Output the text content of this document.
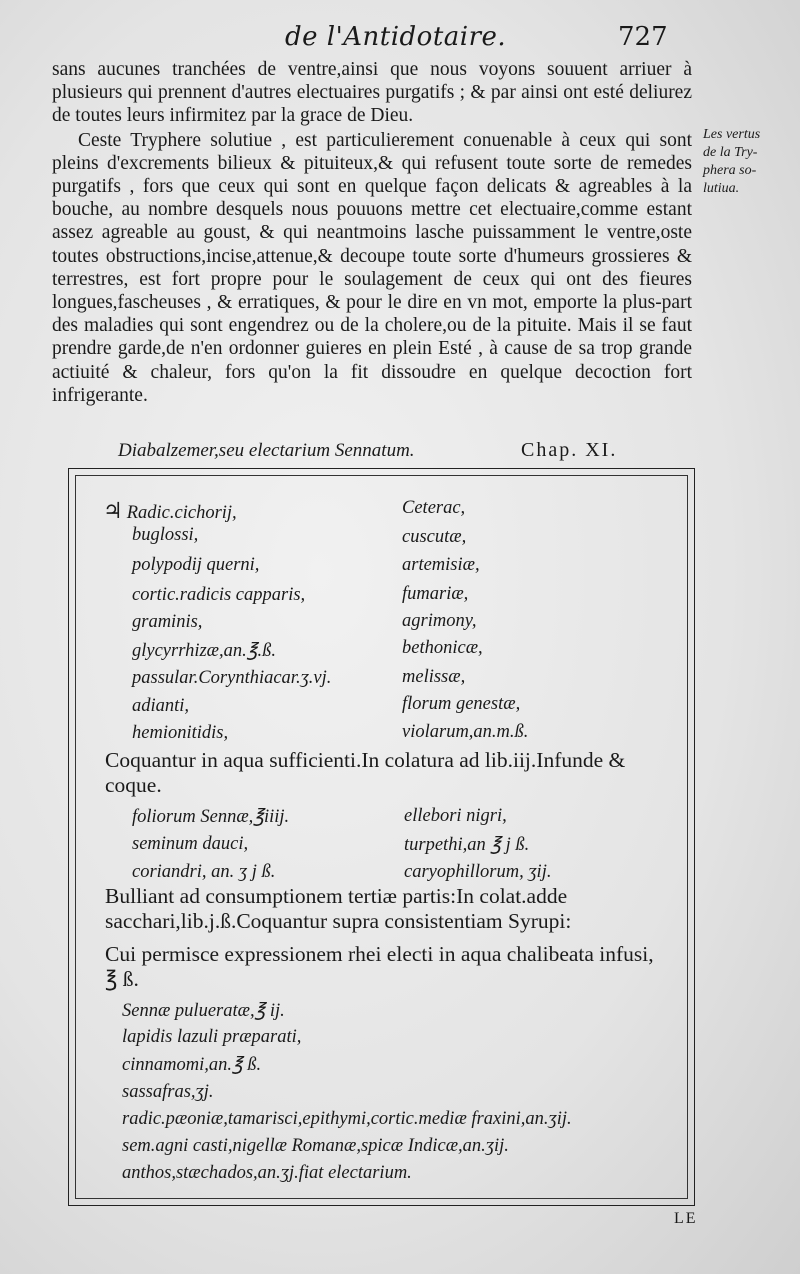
de l'Antidotaire.	727

sans aucunes tranchées de ventre,ainsi que nous voyons souuent arriuer à plusieurs qui prennent d'autres electuaires purgatifs ; & par ainsi ont esté deliurez de toutes leurs infirmitez par la grace de Dieu.

Ceste Tryphere solutiue , est particulierement conuenable à ceux qui sont pleins d'excrements bilieux & pituiteux,& qui refusent toute sorte de remedes purgatifs , fors que ceux qui sont en quelque façon delicats & agreables à la bouche, au nombre desquels nous pouuons mettre cet electuaire,comme estant assez agreable au goust, & qui neantmoins lasche puissamment le ventre,oste toutes obstructions,incise,attenue,& decoupe toute sorte d'humeurs grossieres & terrestres, est fort propre pour le soulagement de ceux qui ont des fieures longues,fascheuses , & erratiques, & pour le dire en vn mot, emporte la plus-part des maladies qui sont engendrez ou de la cholere,ou de la pituite. Mais il se faut prendre garde,de n'en ordonner guieres en plein Esté , à cause de sa trop grande actiuité & chaleur, fors qu'on la fit dissoudre en quelque decoction fort infrigerante.

Les vertus
de la Try-
phera so-
lutiua.
Diabalzemer,seu electarium Sennatum.	Chap. XI.
♃ Radic.cichorij,
buglossi,
polypodij querni,
cortic.radicis capparis,
graminis,
glycyrrhizæ,an.℥.ß.
passular.Corynthiacar.ʒ.vj.
adianti,
hemionitidis,
Ceterac,
cuscutæ,
artemisiæ,
fumariæ,
agrimony,
bethonicæ,
melissæ,
florum genestæ,
violarum,an.m.ß.
Coquantur in aqua sufficienti.In colatura ad lib.iij.Infunde & coque.
foliorum Sennæ,℥iiij.
seminum dauci,
coriandri, an. ʒ j ß.
ellebori nigri,
turpethi,an ℥ j ß.
caryophillorum, ʒij.
Bulliant ad consumptionem tertiæ partis:In colat.adde sacchari,lib.j.ß.Coquantur supra consistentiam Syrupi:
Cui permisce expressionem rhei electi in aqua chalibeata infusi, ℥ ß.
Sennæ pulueratæ,℥ ij.
lapidis lazuli præparati,
cinnamomi,an.℥ ß.
sassafras,ʒj.
radic.pæoniæ,tamarisci,epithymi,cortic.mediæ fraxini,an.ʒij.
sem.agni casti,nigellæ Romanæ,spicæ Indicæ,an.ʒij.
anthos,stæchados,an.ʒj.fiat electarium.
LE
